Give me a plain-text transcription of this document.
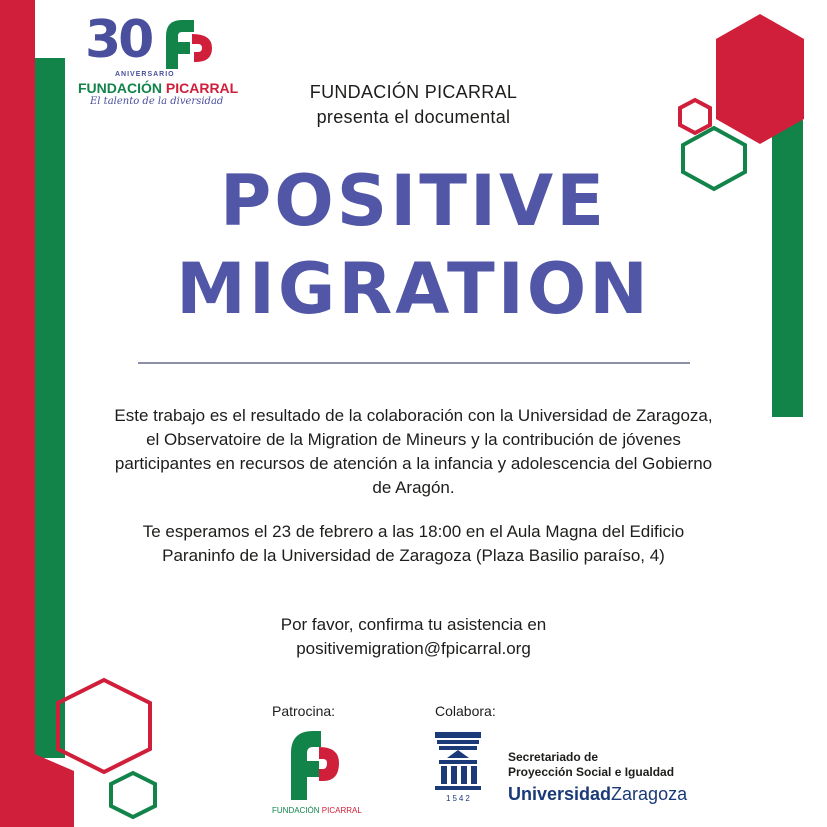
30
ANIVERSARIO
FUNDACIÓN PICARRAL
El talento de la diversidad	FUNDACIÓN PICARRAL
presenta el documental
POSITIVE
MIGRATION
Este trabajo es el resultado de la colaboración con la Universidad de Zaragoza, el Observatoire de la Migration de Mineurs y la contribución de jóvenes participantes en recursos de atención a la infancia y adolescencia del Gobierno de Aragón.
Te esperamos el 23 de febrero a las 18:00 en el Aula Magna del Edificio Paraninfo de la Universidad de Zaragoza (Plaza Basilio paraíso, 4)
Por favor, confirma tu asistencia en
positivemigration@fpicarral.org
Patrocina:	Colabora:
FUNDACIÓN PICARRAL
1542
Secretariado de
Proyección Social e Igualdad
UniversidadZaragoza
